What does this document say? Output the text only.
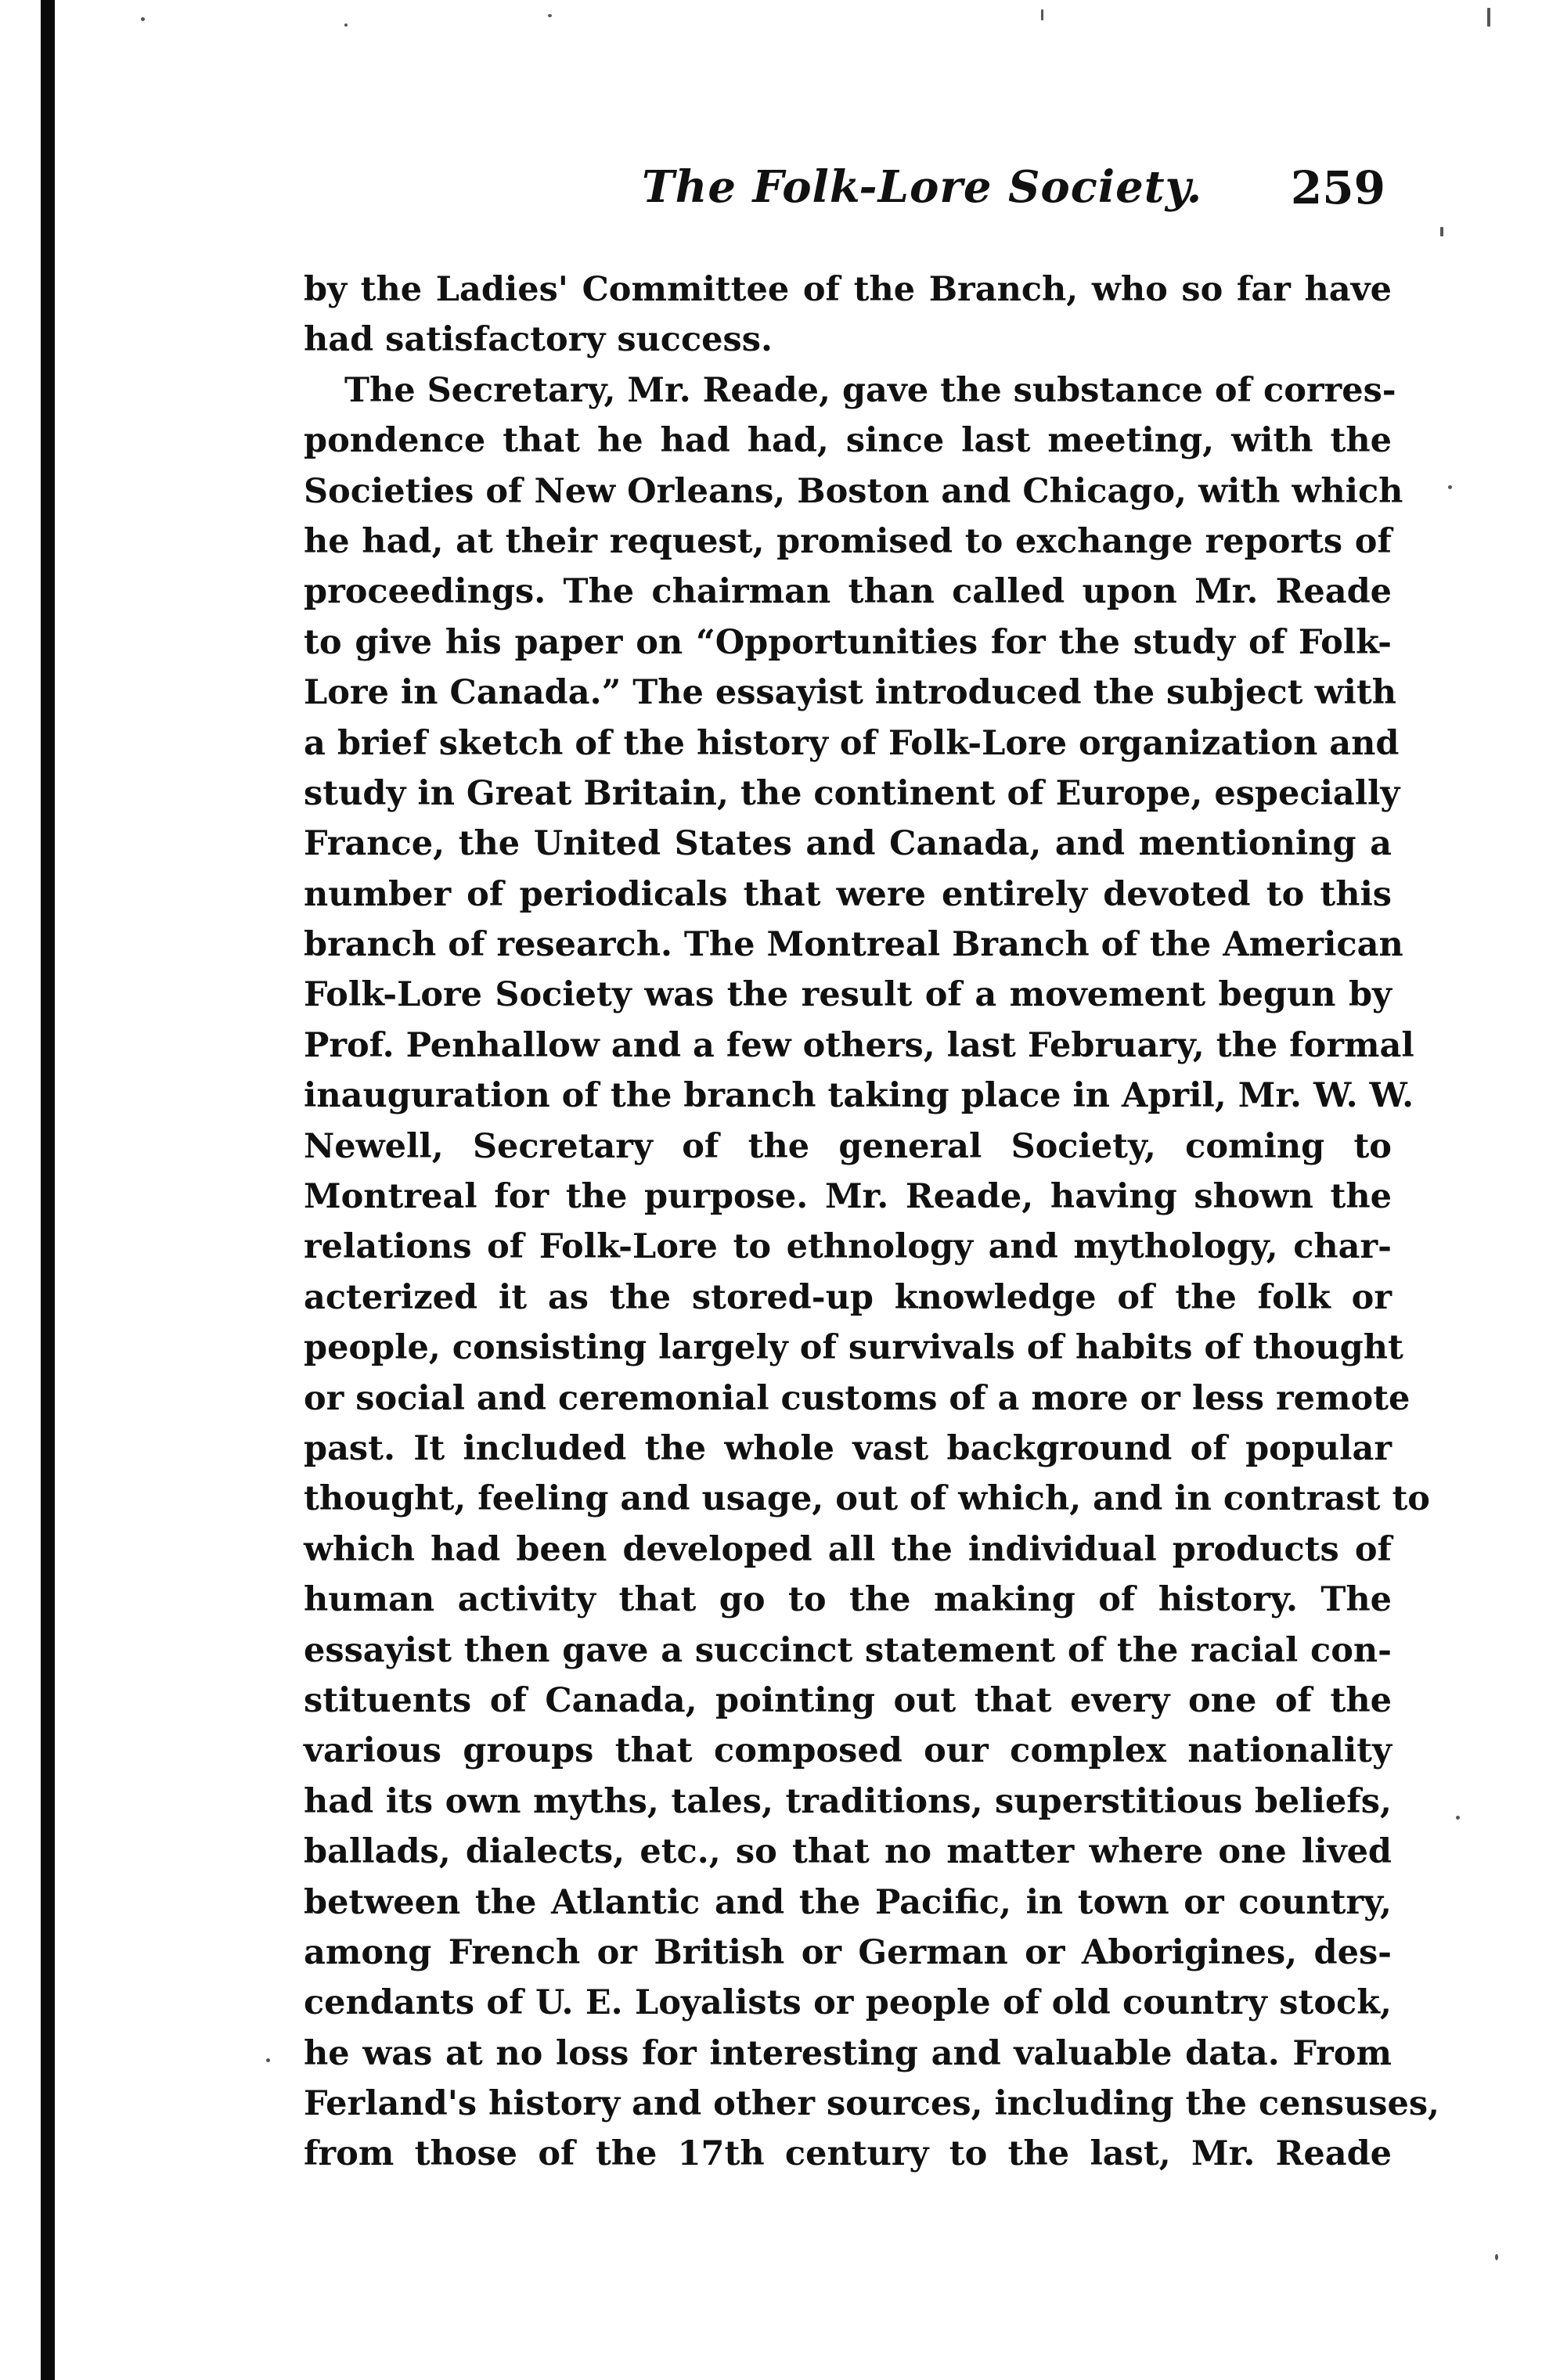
The Folk-Lore Society. 259
by the Ladies' Committee of the Branch, who so far have
had satisfactory success.
The Secretary, Mr. Reade, gave the substance of corres-
pondence that he had had, since last meeting, with the
Societies of New Orleans, Boston and Chicago, with which
he had, at their request, promised to exchange reports of
proceedings. The chairman than called upon Mr. Reade
to give his paper on “Opportunities for the study of Folk-
Lore in Canada.” The essayist introduced the subject with
a brief sketch of the history of Folk-Lore organization and
study in Great Britain, the continent of Europe, especially
France, the United States and Canada, and mentioning a
number of periodicals that were entirely devoted to this
branch of research. The Montreal Branch of the American
Folk-Lore Society was the result of a movement begun by
Prof. Penhallow and a few others, last February, the formal
inauguration of the branch taking place in April, Mr. W. W.
Newell, Secretary of the general Society, coming to
Montreal for the purpose. Mr. Reade, having shown the
relations of Folk-Lore to ethnology and mythology, char-
acterized it as the stored-up knowledge of the folk or
people, consisting largely of survivals of habits of thought
or social and ceremonial customs of a more or less remote
past. It included the whole vast background of popular
thought, feeling and usage, out of which, and in contrast to
which had been developed all the individual products of
human activity that go to the making of history. The
essayist then gave a succinct statement of the racial con-
stituents of Canada, pointing out that every one of the
various groups that composed our complex nationality
had its own myths, tales, traditions, superstitious beliefs,
ballads, dialects, etc., so that no matter where one lived
between the Atlantic and the Pacific, in town or country,
among French or British or German or Aborigines, des-
cendants of U. E. Loyalists or people of old country stock,
he was at no loss for interesting and valuable data. From
Ferland's history and other sources, including the censuses,
from those of the 17th century to the last, Mr. Reade
